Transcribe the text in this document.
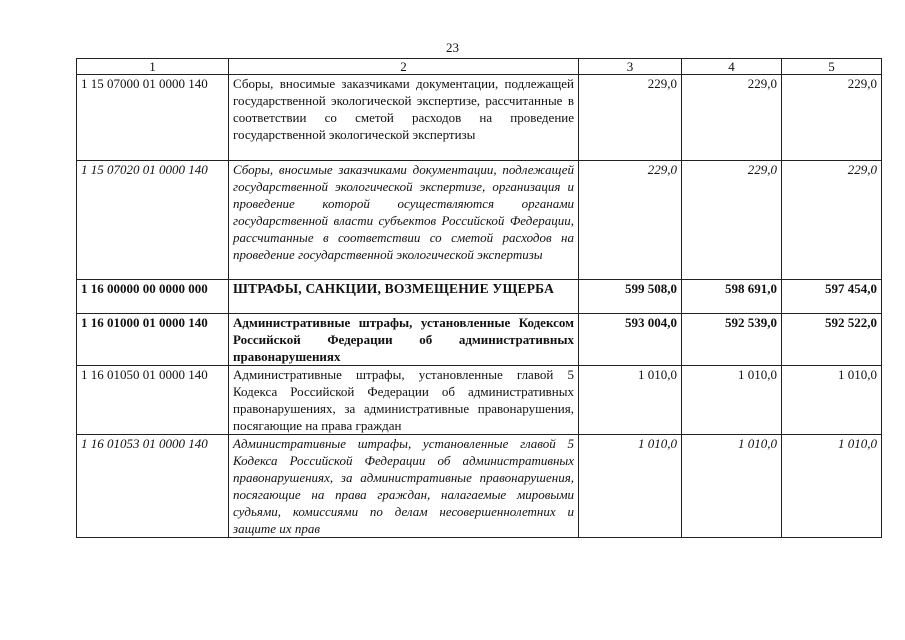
23
1	2	3	4	5
1 15 07000 01 0000 140	Сборы, вносимые заказчиками документации, подлежащей государственной экологической экспертизе, рассчитанные в соответствии со сметой расходов на проведение государственной экологической экспертизы	229,0	229,0	229,0
1 15 07020 01 0000 140	Сборы, вносимые заказчиками документации, подлежащей государственной экологической экспертизе, организация и проведение которой осуществляются органами государственной власти субъектов Российской Федерации, рассчитанные в соответствии со сметой расходов на проведение государственной экологической экспертизы	229,0	229,0	229,0
1 16 00000 00 0000 000	ШТРАФЫ, САНКЦИИ, ВОЗМЕЩЕНИЕ УЩЕРБА	599 508,0	598 691,0	597 454,0
1 16 01000 01 0000 140	Административные штрафы, установленные Кодексом Российской Федерации об административных правонарушениях	593 004,0	592 539,0	592 522,0
1 16 01050 01 0000 140	Административные штрафы, установленные главой 5 Кодекса Российской Федерации об административных правонарушениях, за административные правонарушения, посягающие на права граждан	1 010,0	1 010,0	1 010,0
1 16 01053 01 0000 140	Административные штрафы, установленные главой 5 Кодекса Российской Федерации об административных правонарушениях, за административные правонарушения, посягающие на права граждан, налагаемые мировыми судьями, комиссиями по делам несовершеннолетних и защите их прав	1 010,0	1 010,0	1 010,0
